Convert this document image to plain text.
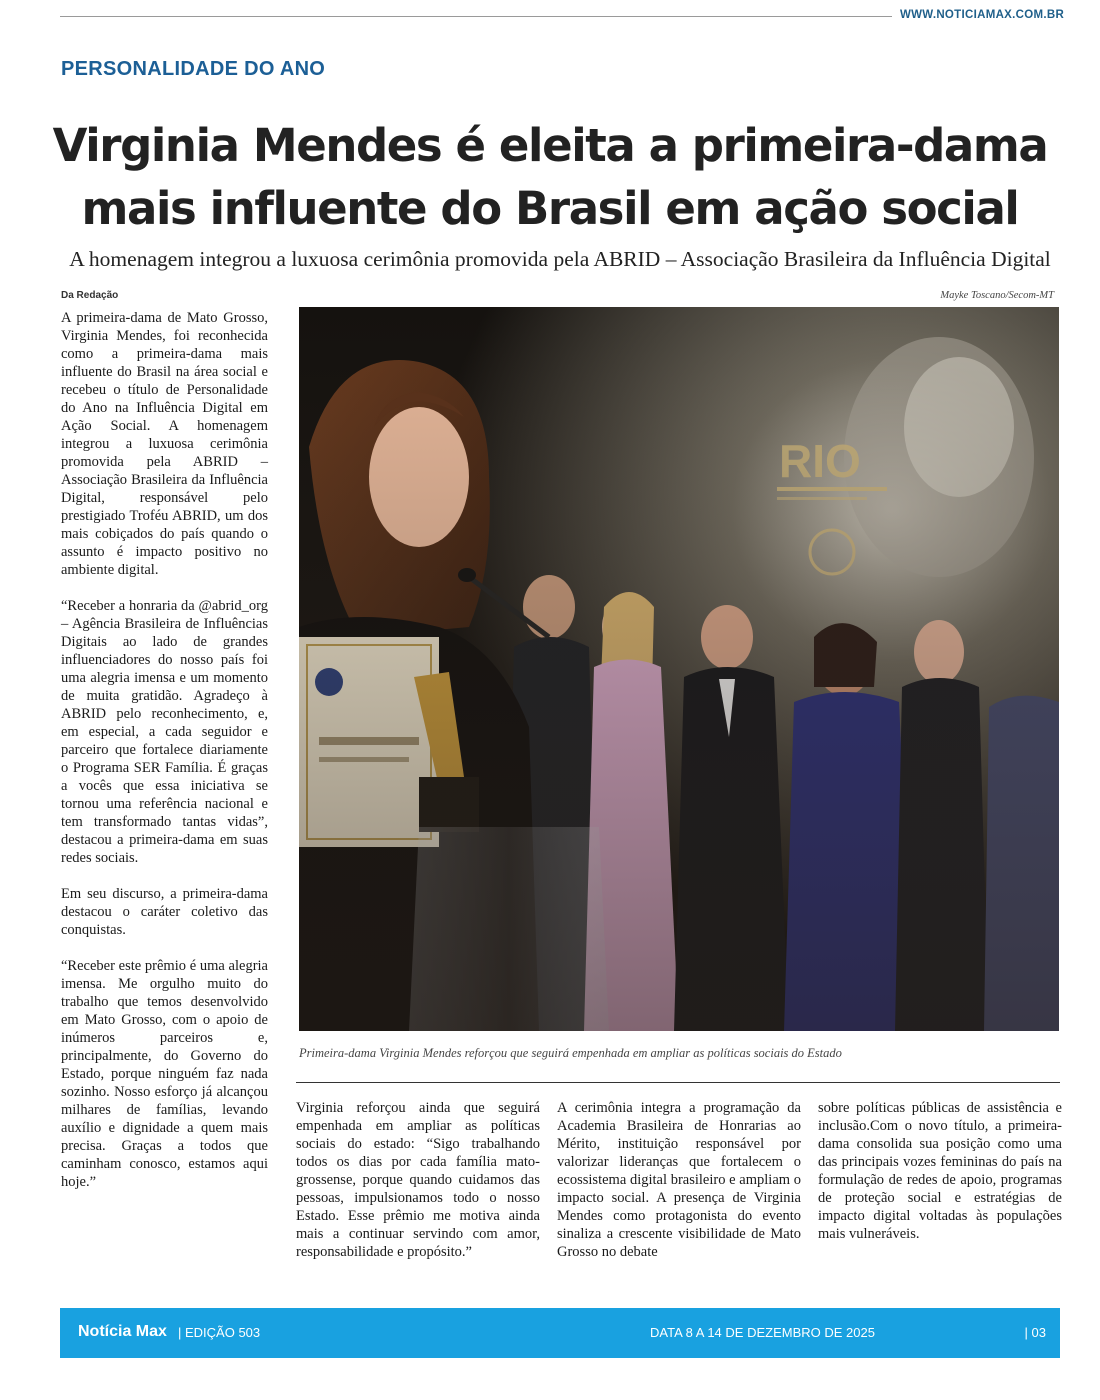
WWW.NOTICIAMAX.COM.BR
PERSONALIDADE DO ANO
Virginia Mendes é eleita a primeira-dama
mais influente do Brasil em ação social
A homenagem integrou a luxuosa cerimônia promovida pela ABRID – Associação Brasileira da Influência Digital
Da Redação	Mayke Toscano/Secom-MT

A primeira-dama de Mato Grosso, Virginia Mendes, foi reconhecida como a primeira-dama mais influente do Brasil na área social e recebeu o título de Personalidade do Ano na Influência Digital em Ação Social. A homenagem integrou a luxuosa cerimônia promovida pela ABRID – Associação Brasileira da Influência Digital, responsável pelo prestigiado Troféu ABRID, um dos mais cobiçados do país quando o assunto é impacto positivo no ambiente digital.

“Receber a honraria da @abrid_org – Agência Brasileira de Influências Digitais ao lado de grandes influenciadores do nosso país foi uma alegria imensa e um momento de muita gratidão. Agradeço à ABRID pelo reconhecimento, e, em especial, a cada seguidor e parceiro que fortalece diariamente o Programa SER Família. É graças a vocês que essa iniciativa se tornou uma referência nacional e tem transformado tantas vidas”, destacou a primeira-dama em suas redes sociais.

Em seu discurso, a primeira-dama destacou o caráter coletivo das conquistas.

“Receber este prêmio é uma alegria imensa. Me orgulho muito do trabalho que temos desenvolvido em Mato Grosso, com o apoio de inúmeros parceiros e, principalmente, do Governo do Estado, porque ninguém faz nada sozinho. Nosso esforço já alcançou milhares de famílias, levando auxílio e dignidade a quem mais precisa. Graças a todos que caminham conosco, estamos aqui hoje.”

Primeira-dama Virginia Mendes reforçou que seguirá empenhada em ampliar as políticas sociais do Estado
Virginia reforçou ainda que seguirá empenhada em ampliar as políticas sociais do estado: “Sigo trabalhando todos os dias por cada família mato-grossense, porque quando cuidamos das pessoas, impulsionamos todo o nosso Estado. Esse prêmio me motiva ainda mais a continuar servindo com amor, responsabilidade e propósito.”
A cerimônia integra a programação da Academia Brasileira de Honrarias ao Mérito, instituição responsável por valorizar lideranças que fortalecem o ecossistema digital brasileiro e ampliam o impacto social. A presença de Virginia Mendes como protagonista do evento sinaliza a crescente visibilidade de Mato Grosso no debate
sobre políticas públicas de assistência e inclusão.Com o novo título, a primeira-dama consolida sua posição como uma das principais vozes femininas do país na formulação de redes de apoio, programas de proteção social e estratégias de impacto digital voltadas às populações mais vulneráveis.
Notícia Max | EDIÇÃO 503	DATA 8 A 14 DE DEZEMBRO DE 2025	| 03
